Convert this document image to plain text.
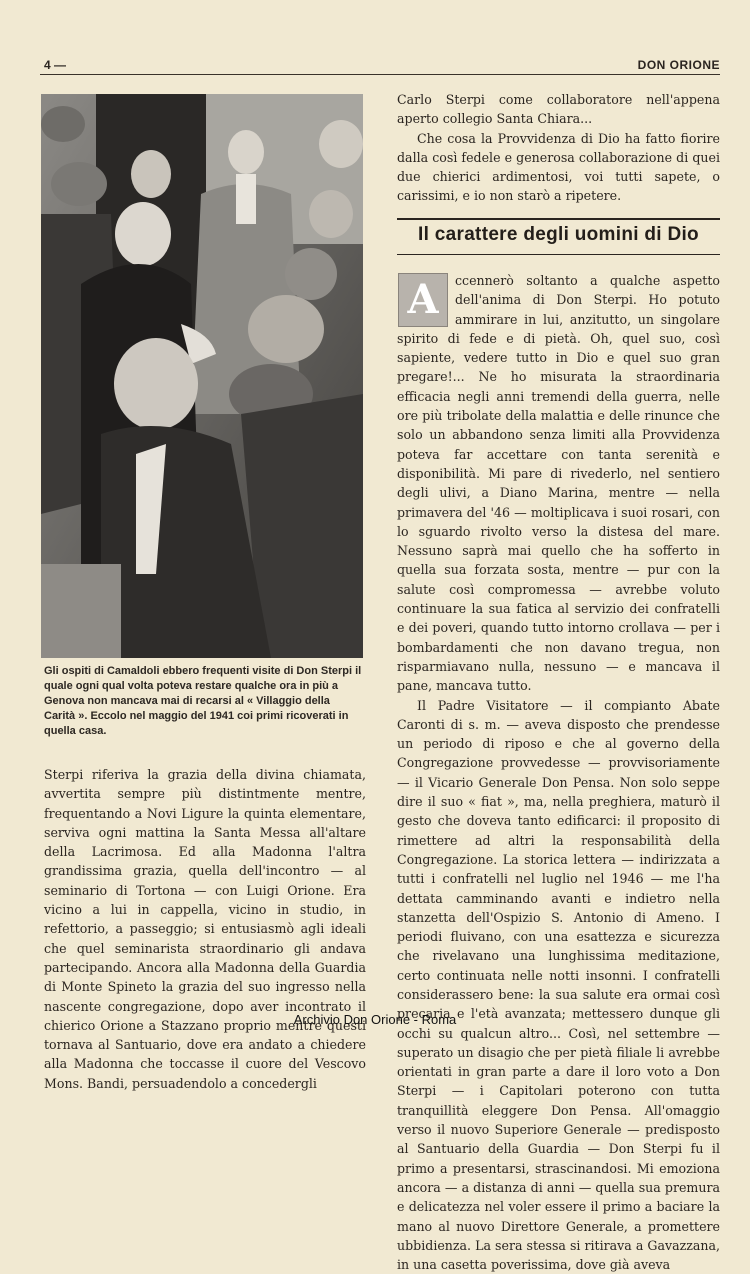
4 —	DON ORIONE
Gli ospiti di Camaldoli ebbero frequenti visite di Don Sterpi il quale ogni qual volta poteva restare qualche ora in più a Genova non mancava mai di recarsi al « Villaggio della Carità ». Eccolo nel maggio del 1941 coi primi ricoverati in quella casa.

Sterpi riferiva la grazia della divina chiamata, avvertita sempre più distintmente mentre, frequentando a Novi Ligure la quinta elementare, serviva ogni mattina la Santa Messa all'altare della Lacrimosa. Ed alla Madonna l'altra grandissima grazia, quella dell'incontro — al seminario di Tortona — con Luigi Orione. Era vicino a lui in cappella, vicino in studio, in refettorio, a passeggio; si entusiasmò agli ideali che quel seminarista straordinario gli andava partecipando. Ancora alla Madonna della Guardia di Monte Spineto la grazia del suo ingresso nella nascente congregazione, dopo aver incontrato il chierico Orione a Stazzano proprio mentre questi tornava al Santuario, dove era andato a chiedere alla Madonna che toccasse il cuore del Vescovo Mons. Bandi, persuadendolo a concedergli

Carlo Sterpi come collaboratore nell'appena aperto collegio Santa Chiara...

Che cosa la Provvidenza di Dio ha fatto fiorire dalla così fedele e generosa collaborazione di quei due chierici ardimentosi, voi tutti sapete, o carissimi, e io non starò a ripetere.

Il carattere degli uomini di Dio
A	ccennerò soltanto a qualche aspetto dell'anima di Don Sterpi. Ho potuto ammirare in lui, anzitutto, un singolare spirito di fede e di pietà. Oh, quel suo, così sapiente, vedere tutto in Dio e quel suo gran pregare!... Ne ho misurata la straordinaria efficacia negli anni tremendi della guerra, nelle ore più tribolate della malattia e delle rinunce che solo un abbandono senza limiti alla Provvidenza poteva far accettare con tanta serenità e disponibilità. Mi pare di rivederlo, nel sentiero degli ulivi, a Diano Marina, mentre — nella primavera del '46 — moltiplicava i suoi rosari, con lo sguardo rivolto verso la distesa del mare. Nessuno saprà mai quello che ha sofferto in quella sua forzata sosta, mentre — pur con la salute così compromessa — avrebbe voluto continuare la sua fatica al servizio dei confratelli e dei poveri, quando tutto intorno crollava — per i bombardamenti che non davano tregua, non risparmiavano nulla, nessuno — e mancava il pane, mancava tutto.

Il Padre Visitatore — il compianto Abate Caronti di s. m. — aveva disposto che prendesse un periodo di riposo e che al governo della Congregazione provvedesse — provvisoriamente — il Vicario Generale Don Pensa. Non solo seppe dire il suo « fiat », ma, nella preghiera, maturò il gesto che doveva tanto edificarci: il proposito di rimettere ad altri la responsabilità della Congregazione. La storica lettera — indirizzata a tutti i confratelli nel luglio nel 1946 — me l'ha dettata camminando avanti e indietro nella stanzetta dell'Ospizio S. Antonio di Ameno. I periodi fluivano, con una esattezza e sicurezza che rivelavano una lunghissima meditazione, certo continuata nelle notti insonni. I confratelli considerassero bene: la sua salute era ormai così precaria e l'età avanzata; mettessero dunque gli occhi su qualcun altro... Così, nel settembre — superato un disagio che per pietà filiale li avrebbe orientati in gran parte a dare il loro voto a Don Sterpi — i Capitolari poterono con tutta tranquillità eleggere Don Pensa. All'omaggio verso il nuovo Superiore Generale — predisposto al Santuario della Guardia — Don Sterpi fu il primo a presentarsi, strascinandosi. Mi emoziona ancora — a distanza di anni — quella sua premura e delicatezza nel voler essere il primo a baciare la mano al nuovo Direttore Generale, a promettere ubbidienza. La sera stessa si ritirava a Gavazzana, in una casetta poverissima, dove già aveva

Archivio Don Orione - Roma
